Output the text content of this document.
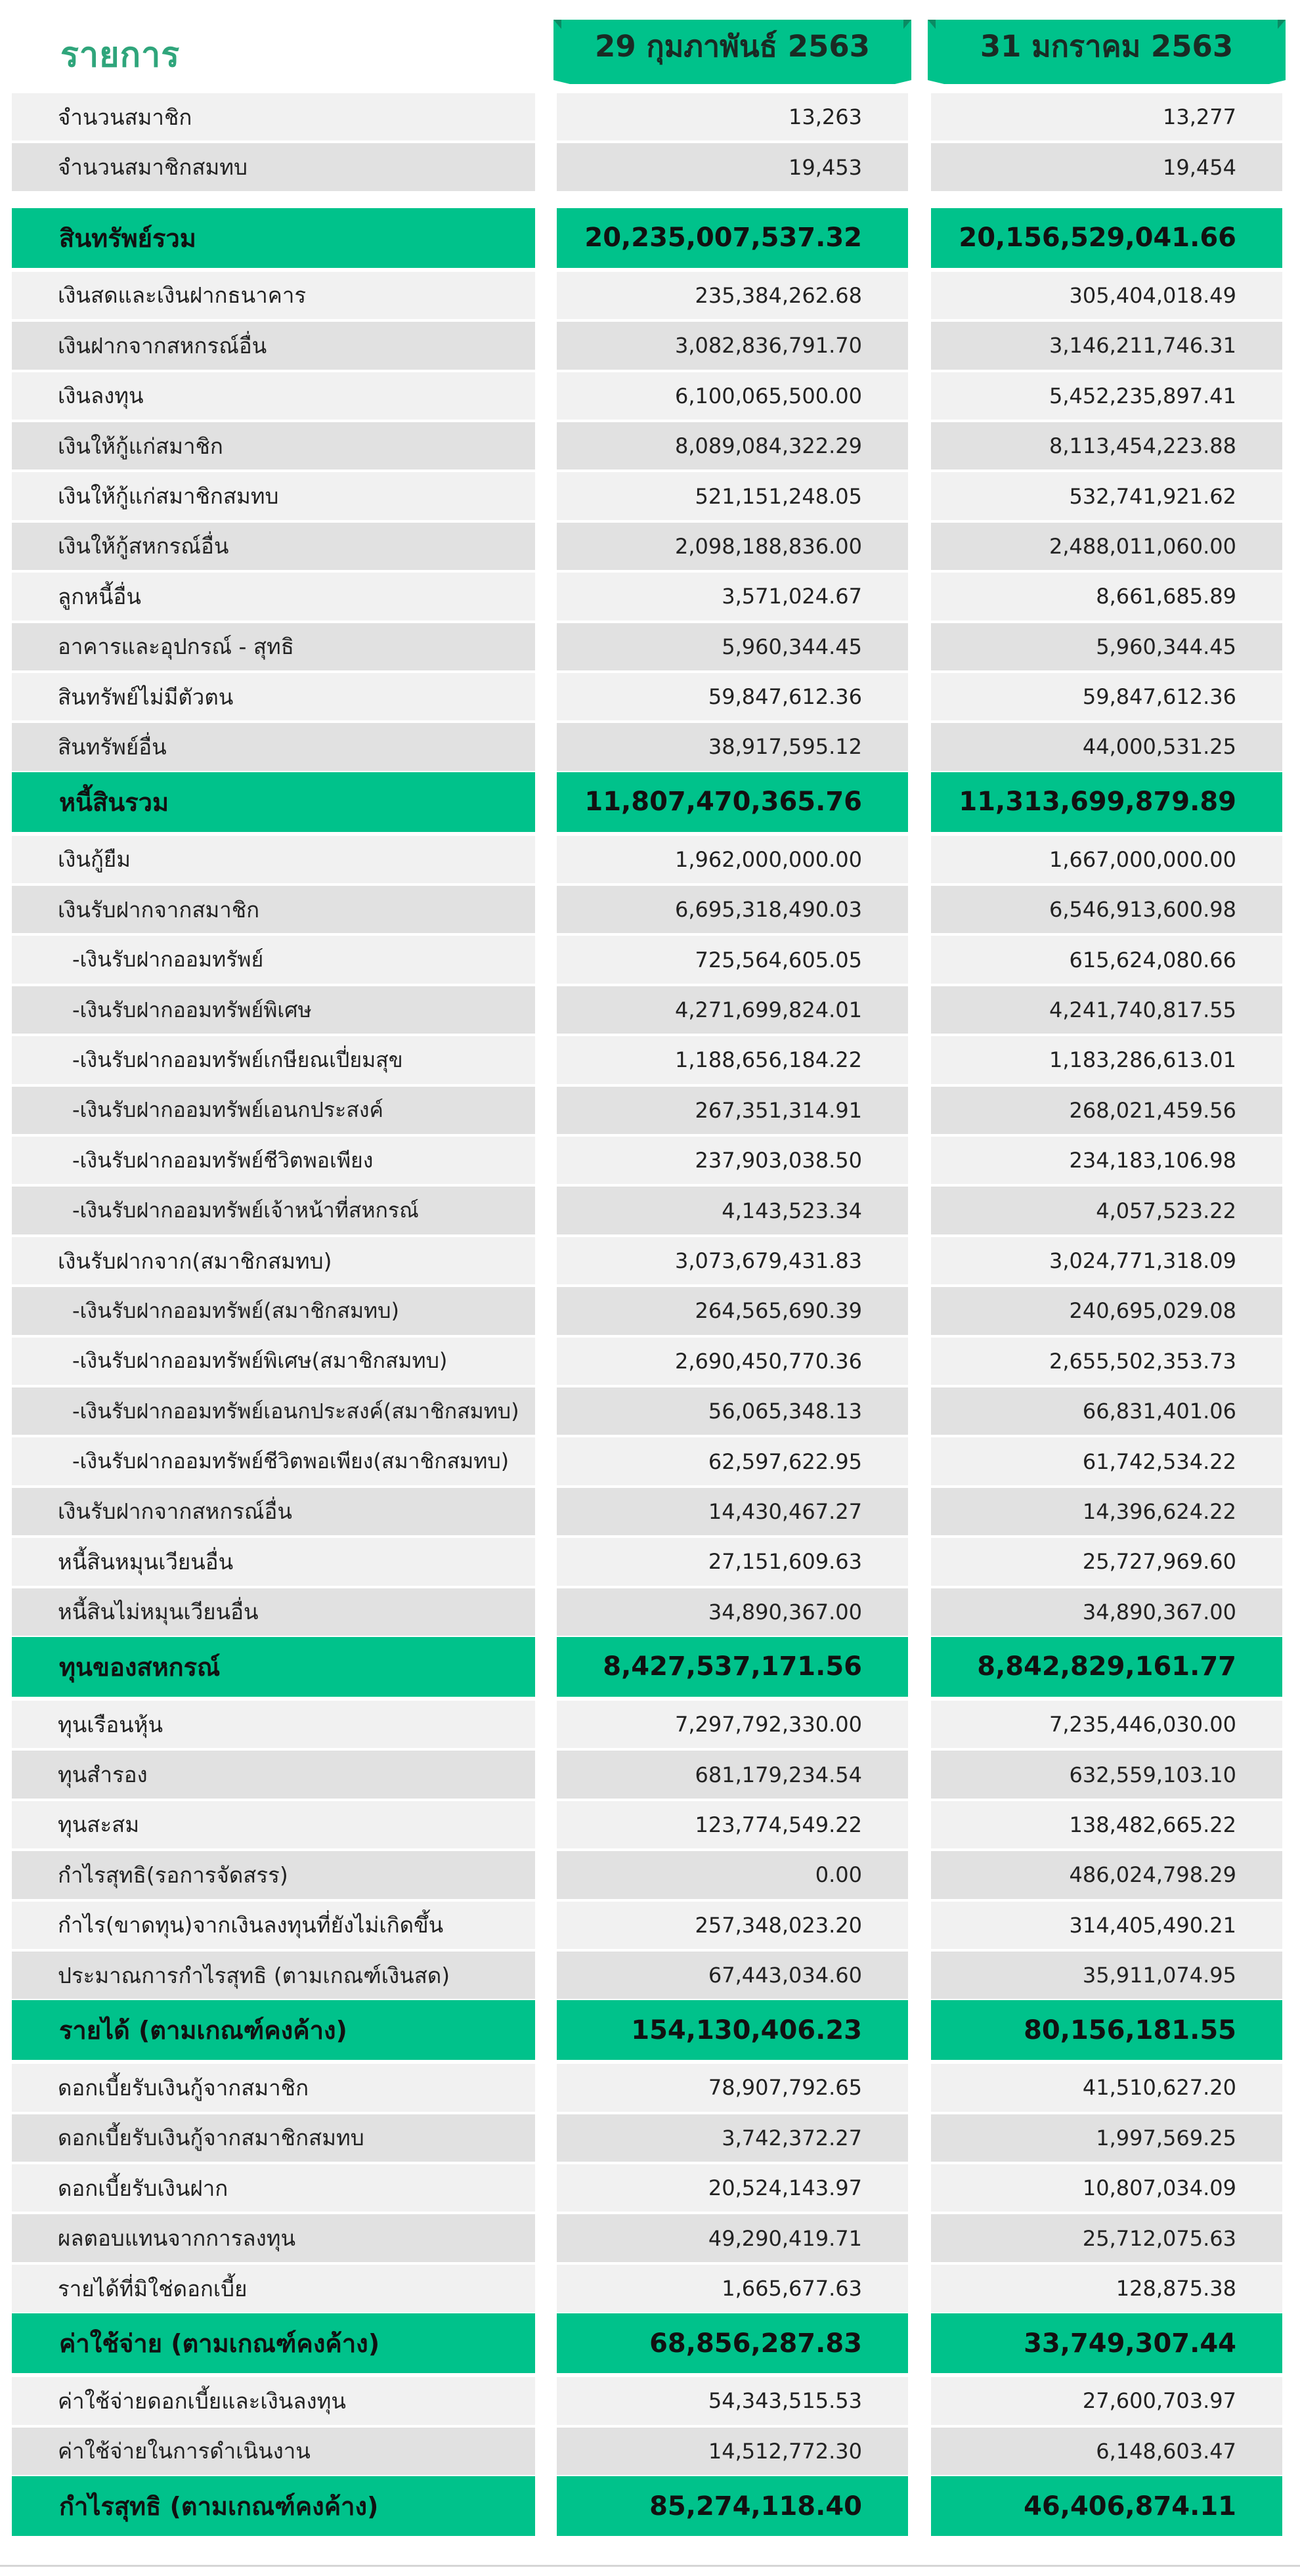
รายการ	29 กุมภาพันธ์ 2563	31 มกราคม 2563
จำนวนสมาชิก	13,263	13,277
จำนวนสมาชิกสมทบ	19,453	19,454
สินทรัพย์รวม	20,235,007,537.32	20,156,529,041.66
เงินสดและเงินฝากธนาคาร	235,384,262.68	305,404,018.49
เงินฝากจากสหกรณ์อื่น	3,082,836,791.70	3,146,211,746.31
เงินลงทุน	6,100,065,500.00	5,452,235,897.41
เงินให้กู้แก่สมาชิก	8,089,084,322.29	8,113,454,223.88
เงินให้กู้แก่สมาชิกสมทบ	521,151,248.05	532,741,921.62
เงินให้กู้สหกรณ์อื่น	2,098,188,836.00	2,488,011,060.00
ลูกหนี้อื่น	3,571,024.67	8,661,685.89
อาคารและอุปกรณ์ - สุทธิ	5,960,344.45	5,960,344.45
สินทรัพย์ไม่มีตัวตน	59,847,612.36	59,847,612.36
สินทรัพย์อื่น	38,917,595.12	44,000,531.25
หนี้สินรวม	11,807,470,365.76	11,313,699,879.89
เงินกู้ยืม	1,962,000,000.00	1,667,000,000.00
เงินรับฝากจากสมาชิก	6,695,318,490.03	6,546,913,600.98
-เงินรับฝากออมทรัพย์	725,564,605.05	615,624,080.66
-เงินรับฝากออมทรัพย์พิเศษ	4,271,699,824.01	4,241,740,817.55
-เงินรับฝากออมทรัพย์เกษียณเปี่ยมสุข	1,188,656,184.22	1,183,286,613.01
-เงินรับฝากออมทรัพย์เอนกประสงค์	267,351,314.91	268,021,459.56
-เงินรับฝากออมทรัพย์ชีวิตพอเพียง	237,903,038.50	234,183,106.98
-เงินรับฝากออมทรัพย์เจ้าหน้าที่สหกรณ์	4,143,523.34	4,057,523.22
เงินรับฝากจาก(สมาชิกสมทบ)	3,073,679,431.83	3,024,771,318.09
-เงินรับฝากออมทรัพย์(สมาชิกสมทบ)	264,565,690.39	240,695,029.08
-เงินรับฝากออมทรัพย์พิเศษ(สมาชิกสมทบ)	2,690,450,770.36	2,655,502,353.73
-เงินรับฝากออมทรัพย์เอนกประสงค์(สมาชิกสมทบ)	56,065,348.13	66,831,401.06
-เงินรับฝากออมทรัพย์ชีวิตพอเพียง(สมาชิกสมทบ)	62,597,622.95	61,742,534.22
เงินรับฝากจากสหกรณ์อื่น	14,430,467.27	14,396,624.22
หนี้สินหมุนเวียนอื่น	27,151,609.63	25,727,969.60
หนี้สินไม่หมุนเวียนอื่น	34,890,367.00	34,890,367.00
ทุนของสหกรณ์	8,427,537,171.56	8,842,829,161.77
ทุนเรือนหุ้น	7,297,792,330.00	7,235,446,030.00
ทุนสำรอง	681,179,234.54	632,559,103.10
ทุนสะสม	123,774,549.22	138,482,665.22
กำไรสุทธิ(รอการจัดสรร)	0.00	486,024,798.29
กำไร(ขาดทุน)จากเงินลงทุนที่ยังไม่เกิดขึ้น	257,348,023.20	314,405,490.21
ประมาณการกำไรสุทธิ (ตามเกณฑ์เงินสด)	67,443,034.60	35,911,074.95
รายได้ (ตามเกณฑ์คงค้าง)	154,130,406.23	80,156,181.55
ดอกเบี้ยรับเงินกู้จากสมาชิก	78,907,792.65	41,510,627.20
ดอกเบี้ยรับเงินกู้จากสมาชิกสมทบ	3,742,372.27	1,997,569.25
ดอกเบี้ยรับเงินฝาก	20,524,143.97	10,807,034.09
ผลตอบแทนจากการลงทุน	49,290,419.71	25,712,075.63
รายได้ที่มิใช่ดอกเบี้ย	1,665,677.63	128,875.38
ค่าใช้จ่าย (ตามเกณฑ์คงค้าง)	68,856,287.83	33,749,307.44
ค่าใช้จ่ายดอกเบี้ยและเงินลงทุน	54,343,515.53	27,600,703.97
ค่าใช้จ่ายในการดำเนินงาน	14,512,772.30	6,148,603.47
กำไรสุทธิ (ตามเกณฑ์คงค้าง)	85,274,118.40	46,406,874.11
